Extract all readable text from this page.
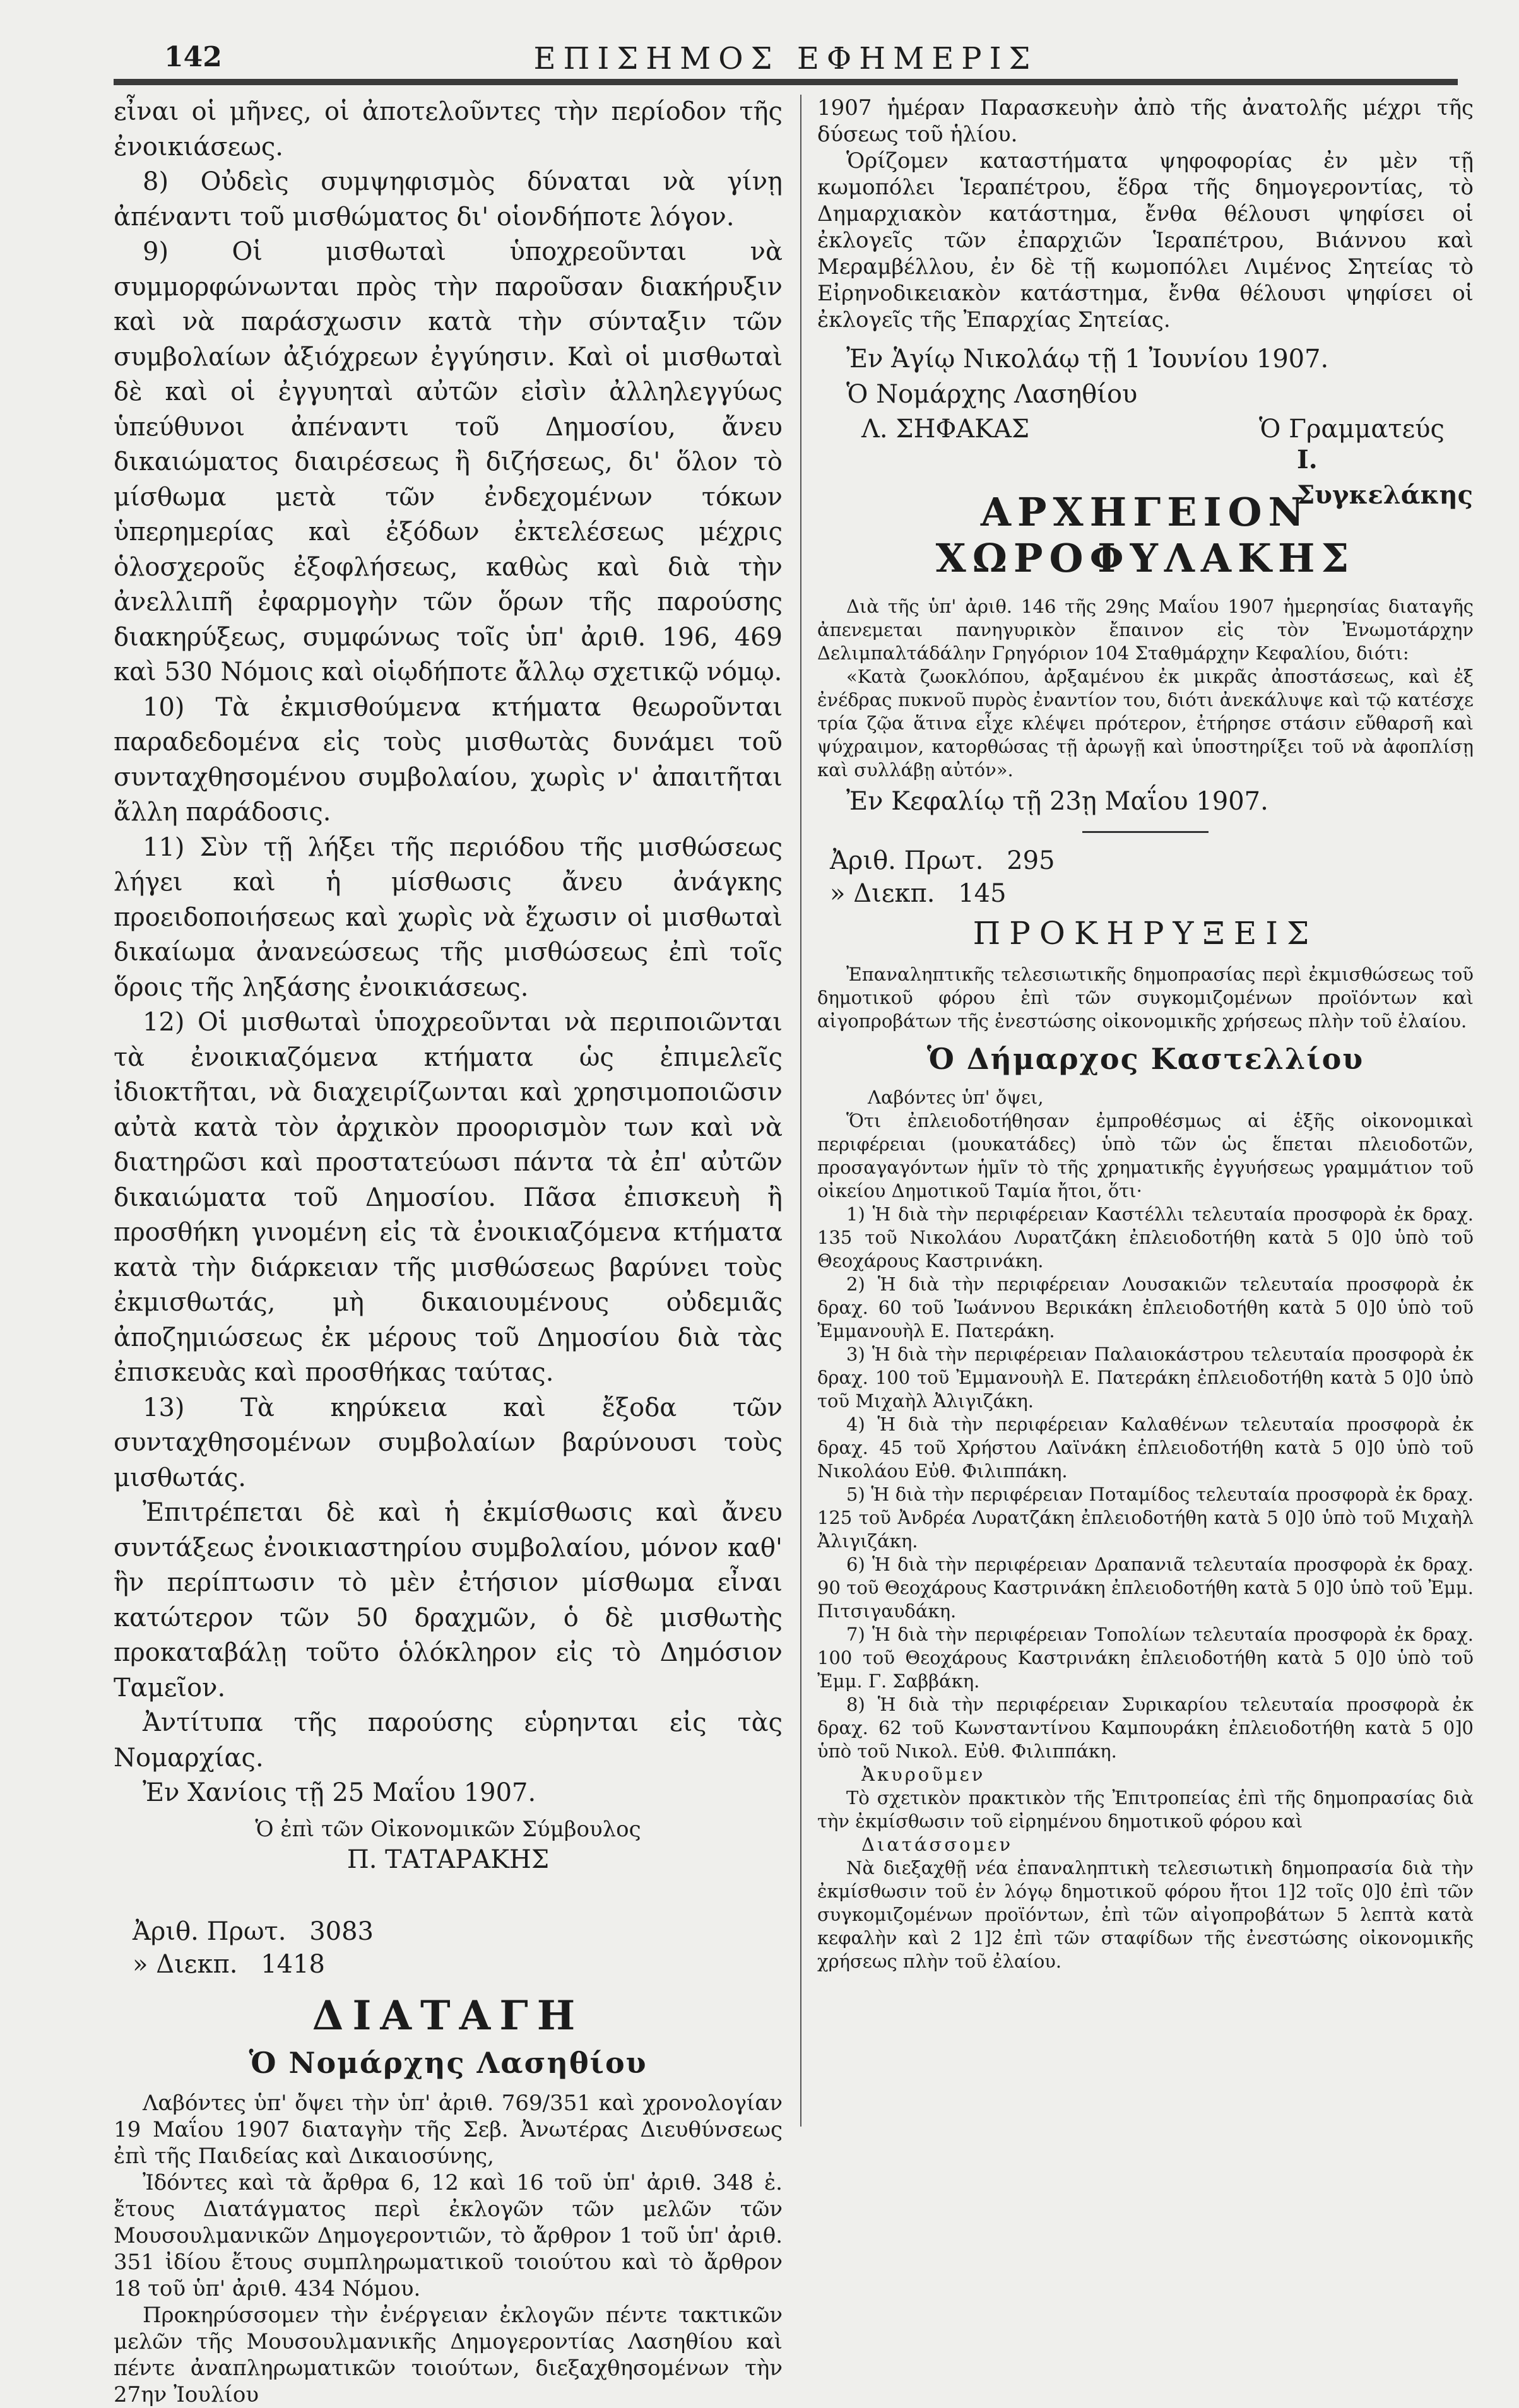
142	ΕΠΙΣΗΜΟΣ ΕΦΗΜΕΡΙΣ

εἶναι οἱ μῆνες, οἱ ἀποτελοῦντες τὴν περίοδον τῆς ἐνοικιάσεως.

8) Οὐδεὶς συμψηφισμὸς δύναται νὰ γίνῃ ἀπέναντι τοῦ μισθώματος δι' οἱονδήποτε λόγον.

9) Οἱ μισθωταὶ ὑποχρεοῦνται νὰ συμμορφώνωνται πρὸς τὴν παροῦσαν διακήρυξιν καὶ νὰ παράσχωσιν κατὰ τὴν σύνταξιν τῶν συμβολαίων ἀξιόχρεων ἐγγύησιν. Καὶ οἱ μισθωταὶ δὲ καὶ οἱ ἐγγυηταὶ αὐτῶν εἰσὶν ἀλληλεγγύως ὑπεύθυνοι ἀπέναντι τοῦ Δημοσίου, ἄνευ δικαιώματος διαιρέσεως ἢ διζήσεως, δι' ὅλον τὸ μίσθωμα μετὰ τῶν ἐνδεχομένων τόκων ὑπερημερίας καὶ ἐξόδων ἐκτελέσεως μέχρις ὁλοσχεροῦς ἐξοφλήσεως, καθὼς καὶ διὰ τὴν ἀνελλιπῆ ἐφαρμογὴν τῶν ὅρων τῆς παρούσης διακηρύξεως, συμφώνως τοῖς ὑπ' ἀριθ. 196, 469 καὶ 530 Νόμοις καὶ οἱῳδήποτε ἄλλῳ σχετικῷ νόμῳ.

10) Τὰ ἐκμισθούμενα κτήματα θεωροῦνται παραδεδομένα εἰς τοὺς μισθωτὰς δυνάμει τοῦ συνταχθησομένου συμβολαίου, χωρὶς ν' ἀπαιτῆται ἄλλη παράδοσις.

11) Σὺν τῇ λήξει τῆς περιόδου τῆς μισθώσεως λήγει καὶ ἡ μίσθωσις ἄνευ ἀνάγκης προειδοποιήσεως καὶ χωρὶς νὰ ἔχωσιν οἱ μισθωταὶ δικαίωμα ἀνανεώσεως τῆς μισθώσεως ἐπὶ τοῖς ὅροις τῆς ληξάσης ἐνοικιάσεως.

12) Οἱ μισθωταὶ ὑποχρεοῦνται νὰ περιποιῶνται τὰ ἐνοικιαζόμενα κτήματα ὡς ἐπιμελεῖς ἰδιοκτῆται, νὰ διαχειρίζωνται καὶ χρησιμοποιῶσιν αὐτὰ κατὰ τὸν ἀρχικὸν προορισμὸν των καὶ νὰ διατηρῶσι καὶ προστατεύωσι πάντα τὰ ἐπ' αὐτῶν δικαιώματα τοῦ Δημοσίου. Πᾶσα ἐπισκευὴ ἢ προσθήκη γινομένη εἰς τὰ ἐνοικιαζόμενα κτήματα κατὰ τὴν διάρκειαν τῆς μισθώσεως βαρύνει τοὺς ἐκμισθωτάς, μὴ δικαιουμένους οὐδεμιᾶς ἀποζημιώσεως ἐκ μέρους τοῦ Δημοσίου διὰ τὰς ἐπισκευὰς καὶ προσθήκας ταύτας.

13) Τὰ κηρύκεια καὶ ἔξοδα τῶν συνταχθησομένων συμβολαίων βαρύνουσι τοὺς μισθωτάς.

Ἐπιτρέπεται δὲ καὶ ἡ ἐκμίσθωσις καὶ ἄνευ συντάξεως ἐνοικιαστηρίου συμβολαίου, μόνον καθ' ἣν περίπτωσιν τὸ μὲν ἐτήσιον μίσθωμα εἶναι κατώτερον τῶν 50 δραχμῶν, ὁ δὲ μισθωτὴς προκαταβάλῃ τοῦτο ὁλόκληρον εἰς τὸ Δημόσιον Ταμεῖον.

Ἀντίτυπα τῆς παρούσης εὑρηνται εἰς τὰς Νομαρχίας.

Ἐν Χανίοις τῇ 25 Μαΐου 1907.

Ὁ ἐπὶ τῶν Οἰκονομικῶν Σύμβουλος

Π. ΤΑΤΑΡΑΚΗΣ

Ἀριθ. Πρωτ. 3083
» Διεκπ. 1418
ΔΙΑΤΑΓΗ
Ὁ Νομάρχης Λασηθίου

Λαβόντες ὑπ' ὄψει τὴν ὑπ' ἀριθ. 769/351 καὶ χρονολογίαν 19 Μαΐου 1907 διαταγὴν τῆς Σεβ. Ἀνωτέρας Διευθύνσεως ἐπὶ τῆς Παιδείας καὶ Δικαιοσύνης,

Ἰδόντες καὶ τὰ ἄρθρα 6, 12 καὶ 16 τοῦ ὑπ' ἀριθ. 348 ἐ. ἔτους Διατάγματος περὶ ἐκλογῶν τῶν μελῶν τῶν Μουσουλμανικῶν Δημογεροντιῶν, τὸ ἄρθρον 1 τοῦ ὑπ' ἀριθ. 351 ἰδίου ἔτους συμπληρωματικοῦ τοιούτου καὶ τὸ ἄρθρον 18 τοῦ ὑπ' ἀριθ. 434 Νόμου.

Προκηρύσσομεν τὴν ἐνέργειαν ἐκλογῶν πέντε τακτικῶν μελῶν τῆς Μουσουλμανικῆς Δημογεροντίας Λασηθίου καὶ πέντε ἀναπληρωματικῶν τοιούτων, διεξαχθησομένων τὴν 27ην Ἰουλίου

1907 ἡμέραν Παρασκευὴν ἀπὸ τῆς ἀνατολῆς μέχρι τῆς δύσεως τοῦ ἡλίου.

Ὁρίζομεν καταστήματα ψηφοφορίας ἐν μὲν τῇ κωμοπόλει Ἱεραπέτρου, ἕδρα τῆς δημογεροντίας, τὸ Δημαρχιακὸν κατάστημα, ἔνθα θέλουσι ψηφίσει οἱ ἐκλογεῖς τῶν ἐπαρχιῶν Ἱεραπέτρου, Βιάννου καὶ Μεραμβέλλου, ἐν δὲ τῇ κωμοπόλει Λιμένος Σητείας τὸ Εἰρηνοδικειακὸν κατάστημα, ἔνθα θέλουσι ψηφίσει οἱ ἐκλογεῖς τῆς Ἐπαρχίας Σητείας.

Ἐν Ἁγίῳ Νικολάῳ τῇ 1 Ἰουνίου 1907.

Ὁ Νομάρχης Λασηθίου

Λ. ΣΗΦΑΚΑΣ	Ὁ Γραμματεύς
Ι. Συγκελάκης
ΑΡΧΗΓΕΙΟΝ ΧΩΡΟΦΥΛΑΚΗΣ

Διὰ τῆς ὑπ' ἀριθ. 146 τῆς 29ης Μαΐου 1907 ἡμερησίας διαταγῆς ἀπενεμεται πανηγυρικὸν ἔπαινον εἰς τὸν Ἐνωμοτάρχην Δελιμπαλτάδάλην Γρηγόριον 104 Σταθμάρχην Κεφαλίου, διότι:

«Κατὰ ζωοκλόπου, ἀρξαμένου ἐκ μικρᾶς ἀποστάσεως, καὶ ἐξ ἐνέδρας πυκνοῦ πυρὸς ἐναντίον του, διότι ἀνεκάλυψε καὶ τῷ κατέσχε τρία ζῷα ἅτινα εἶχε κλέψει πρότερον, ἐτήρησε στάσιν εὔθαρσῆ καὶ ψύχραιμον, κατορθώσας τῇ ἀρωγῇ καὶ ὑποστηρίξει τοῦ νὰ ἀφοπλίσῃ καὶ συλλάβῃ αὐτόν».

Ἐν Κεφαλίῳ τῇ 23ῃ Μαΐου 1907.

Ἀριθ. Πρωτ. 295
» Διεκπ. 145
ΠΡΟΚΗΡΥΞΕΙΣ

Ἐπαναληπτικῆς τελεσιωτικῆς δημοπρασίας περὶ ἐκμισθώσεως τοῦ δημοτικοῦ φόρου ἐπὶ τῶν συγκομιζομένων προϊόντων καὶ αἰγοπροβάτων τῆς ἐνεστώσης οἰκονομικῆς χρήσεως πλὴν τοῦ ἐλαίου.

Ὁ Δήμαρχος Καστελλίου

Λαβόντες ὑπ' ὄψει,

Ὅτι ἐπλειοδοτήθησαν ἐμπροθέσμως αἱ ἑξῆς οἰκονομικαὶ περιφέρειαι (μουκατάδες) ὑπὸ τῶν ὡς ἕπεται πλειοδοτῶν, προσαγαγόντων ἡμῖν τὸ τῆς χρηματικῆς ἐγγυήσεως γραμμάτιον τοῦ οἰκείου Δημοτικοῦ Ταμία ἤτοι, ὅτι·

1) Ἡ διὰ τὴν περιφέρειαν Καστέλλι τελευταία προσφορὰ ἐκ δραχ. 135 τοῦ Νικολάου Λυρατζάκη ἐπλειοδοτήθη κατὰ 5 0]0 ὑπὸ τοῦ Θεοχάρους Καστρινάκη.

2) Ἡ διὰ τὴν περιφέρειαν Λουσακιῶν τελευταία προσφορὰ ἐκ δραχ. 60 τοῦ Ἰωάννου Βερικάκη ἐπλειοδοτήθη κατὰ 5 0]0 ὑπὸ τοῦ Ἐμμανουὴλ Ε. Πατεράκη.

3) Ἡ διὰ τὴν περιφέρειαν Παλαιοκάστρου τελευταία προσφορὰ ἐκ δραχ. 100 τοῦ Ἐμμανουὴλ Ε. Πατεράκη ἐπλειοδοτήθη κατὰ 5 0]0 ὑπὸ τοῦ Μιχαὴλ Ἀλιγιζάκη.

4) Ἡ διὰ τὴν περιφέρειαν Καλαθένων τελευταία προσφορὰ ἐκ δραχ. 45 τοῦ Χρήστου Λαϊνάκη ἐπλειοδοτήθη κατὰ 5 0]0 ὑπὸ τοῦ Νικολάου Εὐθ. Φιλιππάκη.

5) Ἡ διὰ τὴν περιφέρειαν Ποταμίδος τελευταία προσφορὰ ἐκ δραχ. 125 τοῦ Ἀνδρέα Λυρατζάκη ἐπλειοδοτήθη κατὰ 5 0]0 ὑπὸ τοῦ Μιχαὴλ Ἀλιγιζάκη.

6) Ἡ διὰ τὴν περιφέρειαν Δραπανιᾶ τελευταία προσφορὰ ἐκ δραχ. 90 τοῦ Θεοχάρους Καστρινάκη ἐπλειοδοτήθη κατὰ 5 0]0 ὑπὸ τοῦ Ἐμμ. Πιτσιγαυδάκη.

7) Ἡ διὰ τὴν περιφέρειαν Τοπολίων τελευταία προσφορὰ ἐκ δραχ. 100 τοῦ Θεοχάρους Καστρινάκη ἐπλειοδοτήθη κατὰ 5 0]0 ὑπὸ τοῦ Ἐμμ. Γ. Σαββάκη.

8) Ἡ διὰ τὴν περιφέρειαν Συρικαρίου τελευταία προσφορὰ ἐκ δραχ. 62 τοῦ Κωνσταντίνου Καμπουράκη ἐπλειοδοτήθη κατὰ 5 0]0 ὑπὸ τοῦ Νικολ. Εὐθ. Φιλιππάκη.

Ἀκυροῦμεν

Τὸ σχετικὸν πρακτικὸν τῆς Ἐπιτροπείας ἐπὶ τῆς δημοπρασίας διὰ τὴν ἐκμίσθωσιν τοῦ εἰρημένου δημοτικοῦ φόρου καὶ

Διατάσσομεν

Νὰ διεξαχθῇ νέα ἐπαναληπτικὴ τελεσιωτικὴ δημοπρασία διὰ τὴν ἐκμίσθωσιν τοῦ ἐν λόγῳ δημοτικοῦ φόρου ἤτοι 1]2 τοῖς 0]0 ἐπὶ τῶν συγκομιζομένων προϊόντων, ἐπὶ τῶν αἰγοπροβάτων 5 λεπτὰ κατὰ κεφαλὴν καὶ 2 1]2 ἐπὶ τῶν σταφίδων τῆς ἐνεστώσης οἰκονομικῆς χρήσεως πλὴν τοῦ ἐλαίου.
